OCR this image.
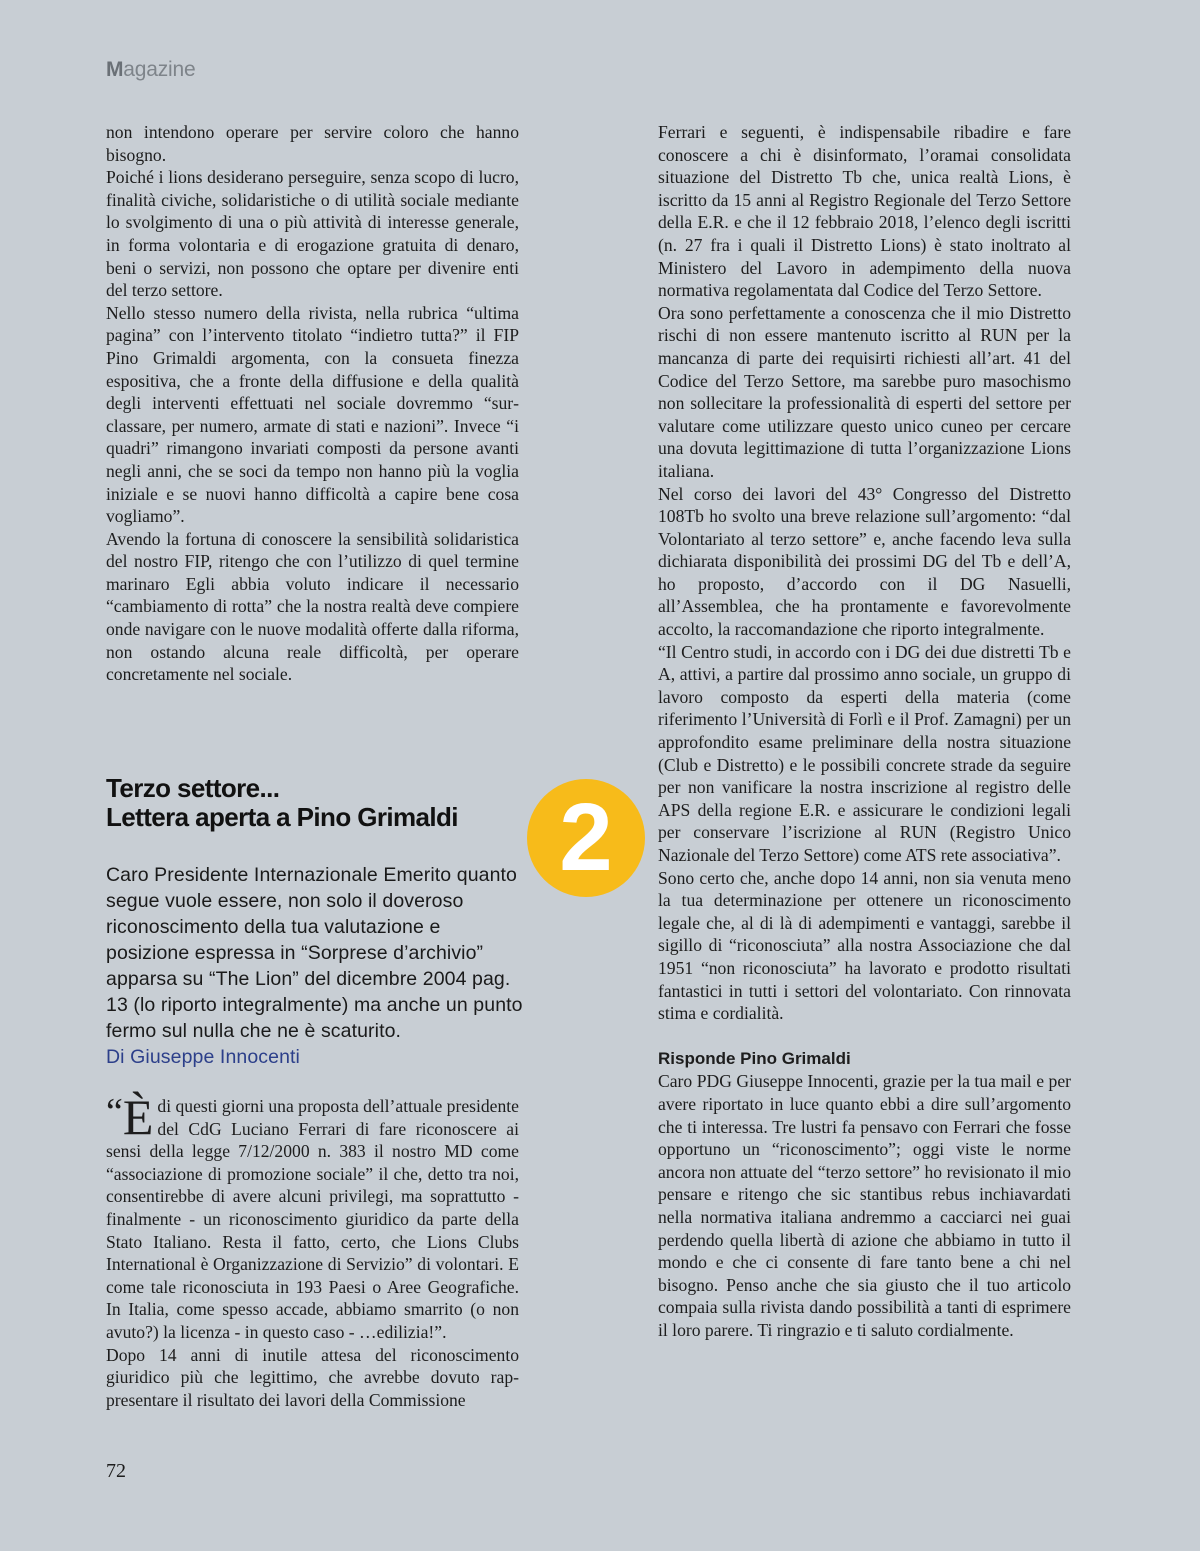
Magazine

non intendono operare per servire coloro che hanno bisogno.

Poiché i lions desiderano perseguire, senza scopo di lucro, finalità civiche, solidaristiche o di utilità sociale mediante lo svolgimento di una o più attività di interesse generale, in forma volontaria e di erogazione gratuita di denaro, beni o servizi, non possono che optare per divenire enti del terzo settore.

Nello stesso numero della rivista, nella rubrica “ultima pagina” con l’intervento titolato “indietro tutta?” il FIP Pino Grimaldi argomenta, con la consueta finezza espositiva, che a fronte della diffusione e della qualità degli interventi effettuati nel sociale dovremmo “surclassare, per numero, armate di stati e nazioni”. Invece “i quadri” rimangono invariati composti da persone avanti negli anni, che se soci da tempo non hanno più la voglia iniziale e se nuovi hanno difficoltà a capire bene cosa vogliamo”.

Avendo la fortuna di conoscere la sensibilità solidaristica del nostro FIP, ritengo che con l’utilizzo di quel termine marinaro Egli abbia voluto indicare il necessario “cambiamento di rotta” che la nostra realtà deve compiere onde navigare con le nuove modalità offerte dalla riforma, non ostando alcuna reale difficoltà, per operare concretamente nel sociale.

Terzo settore...
Lettera aperta a Pino Grimaldi	2
Caro Presidente Internazionale Emerito quanto segue vuole essere, non solo il doveroso riconoscimento della tua valutazione e posizione espressa in “Sorprese d’archivio” apparsa su “The Lion” del dicembre 2004 pag. 13 (lo riporto integralmente) ma anche un punto fermo sul nulla che ne è scaturito.
Di Giuseppe Innocenti

“ È di questi giorni una proposta dell’attuale presidente del CdG Luciano Ferrari di fare riconoscere ai sensi della legge 7/12/2000 n. 383 il nostro MD come “associazione di promozione sociale” il che, detto tra noi, consentirebbe di avere alcuni privilegi, ma soprattutto - finalmente - un riconoscimento giuridico da parte della Stato Italiano. Resta il fatto, certo, che Lions Clubs International è Organizzazione di Servizio” di volontari. E come tale riconosciuta in 193 Paesi o Aree Geografiche. In Italia, come spesso accade, abbiamo smarrito (o non avuto?) la licenza - in questo caso - …edilizia!”.

Dopo 14 anni di inutile attesa del riconoscimento giuridico più che legittimo, che avrebbe dovuto rappresentare il risultato dei lavori della Commissione

Ferrari e seguenti, è indispensabile ribadire e fare conoscere a chi è disinformato, l’oramai consolidata situazione del Distretto Tb che, unica realtà Lions, è iscritto da 15 anni al Registro Regionale del Terzo Settore della E.R. e che il 12 febbraio 2018, l’elenco degli iscritti (n. 27 fra i quali il Distretto Lions) è stato inoltrato al Ministero del Lavoro in adempimento della nuova normativa regolamentata dal Codice del Terzo Settore.

Ora sono perfettamente a conoscenza che il mio Distretto rischi di non essere mantenuto iscritto al RUN per la mancanza di parte dei requisirti richiesti all’art. 41 del Codice del Terzo Settore, ma sarebbe puro masochismo non sollecitare la professionalità di esperti del settore per valutare come utilizzare questo unico cuneo per cercare una dovuta legittimazione di tutta l’organizzazione Lions italiana.

Nel corso dei lavori del 43° Congresso del Distretto 108Tb ho svolto una breve relazione sull’argomento: “dal Volontariato al terzo settore” e, anche facendo leva sulla dichiarata disponibilità dei prossimi DG del Tb e dell’A, ho proposto, d’accordo con il DG Nasuelli, all’Assemblea, che ha prontamente e favorevolmente accolto, la raccomandazione che riporto integralmente.

“Il Centro studi, in accordo con i DG dei due distretti Tb e A, attivi, a partire dal prossimo anno sociale, un gruppo di lavoro composto da esperti della materia (come riferimento l’Università di Forlì e il Prof. Zamagni) per un approfondito esame preliminare della nostra situazione (Club e Distretto) e le possibili concrete strade da seguire per non vanificare la nostra inscrizione al registro delle APS della regione E.R. e assicurare le condizioni legali per conservare l’iscrizione al RUN (Registro Unico Nazionale del Terzo Settore) come ATS rete associativa”.

Sono certo che, anche dopo 14 anni, non sia venuta meno la tua determinazione per ottenere un riconoscimento legale che, al di là di adempimenti e vantaggi, sarebbe il sigillo di “riconosciuta” alla nostra Associazione che dal 1951 “non riconosciuta” ha lavorato e prodotto risultati fantastici in tutti i settori del volontariato. Con rinnovata stima e cordialità.

Risponde Pino Grimaldi

Caro PDG Giuseppe Innocenti, grazie per la tua mail e per avere riportato in luce quanto ebbi a dire sull’argomento che ti interessa. Tre lustri fa pensavo con Ferrari che fosse opportuno un “riconoscimento”; oggi viste le norme ancora non attuate del “terzo settore” ho revisionato il mio pensare e ritengo che sic stantibus rebus inchiavardati nella normativa italiana andremmo a cacciarci nei guai perdendo quella libertà di azione che abbiamo in tutto il mondo e che ci consente di fare tanto bene a chi nel bisogno. Penso anche che sia giusto che il tuo articolo compaia sulla rivista dando possibilità a tanti di esprimere il loro parere. Ti ringrazio e ti saluto cordialmente.

72
